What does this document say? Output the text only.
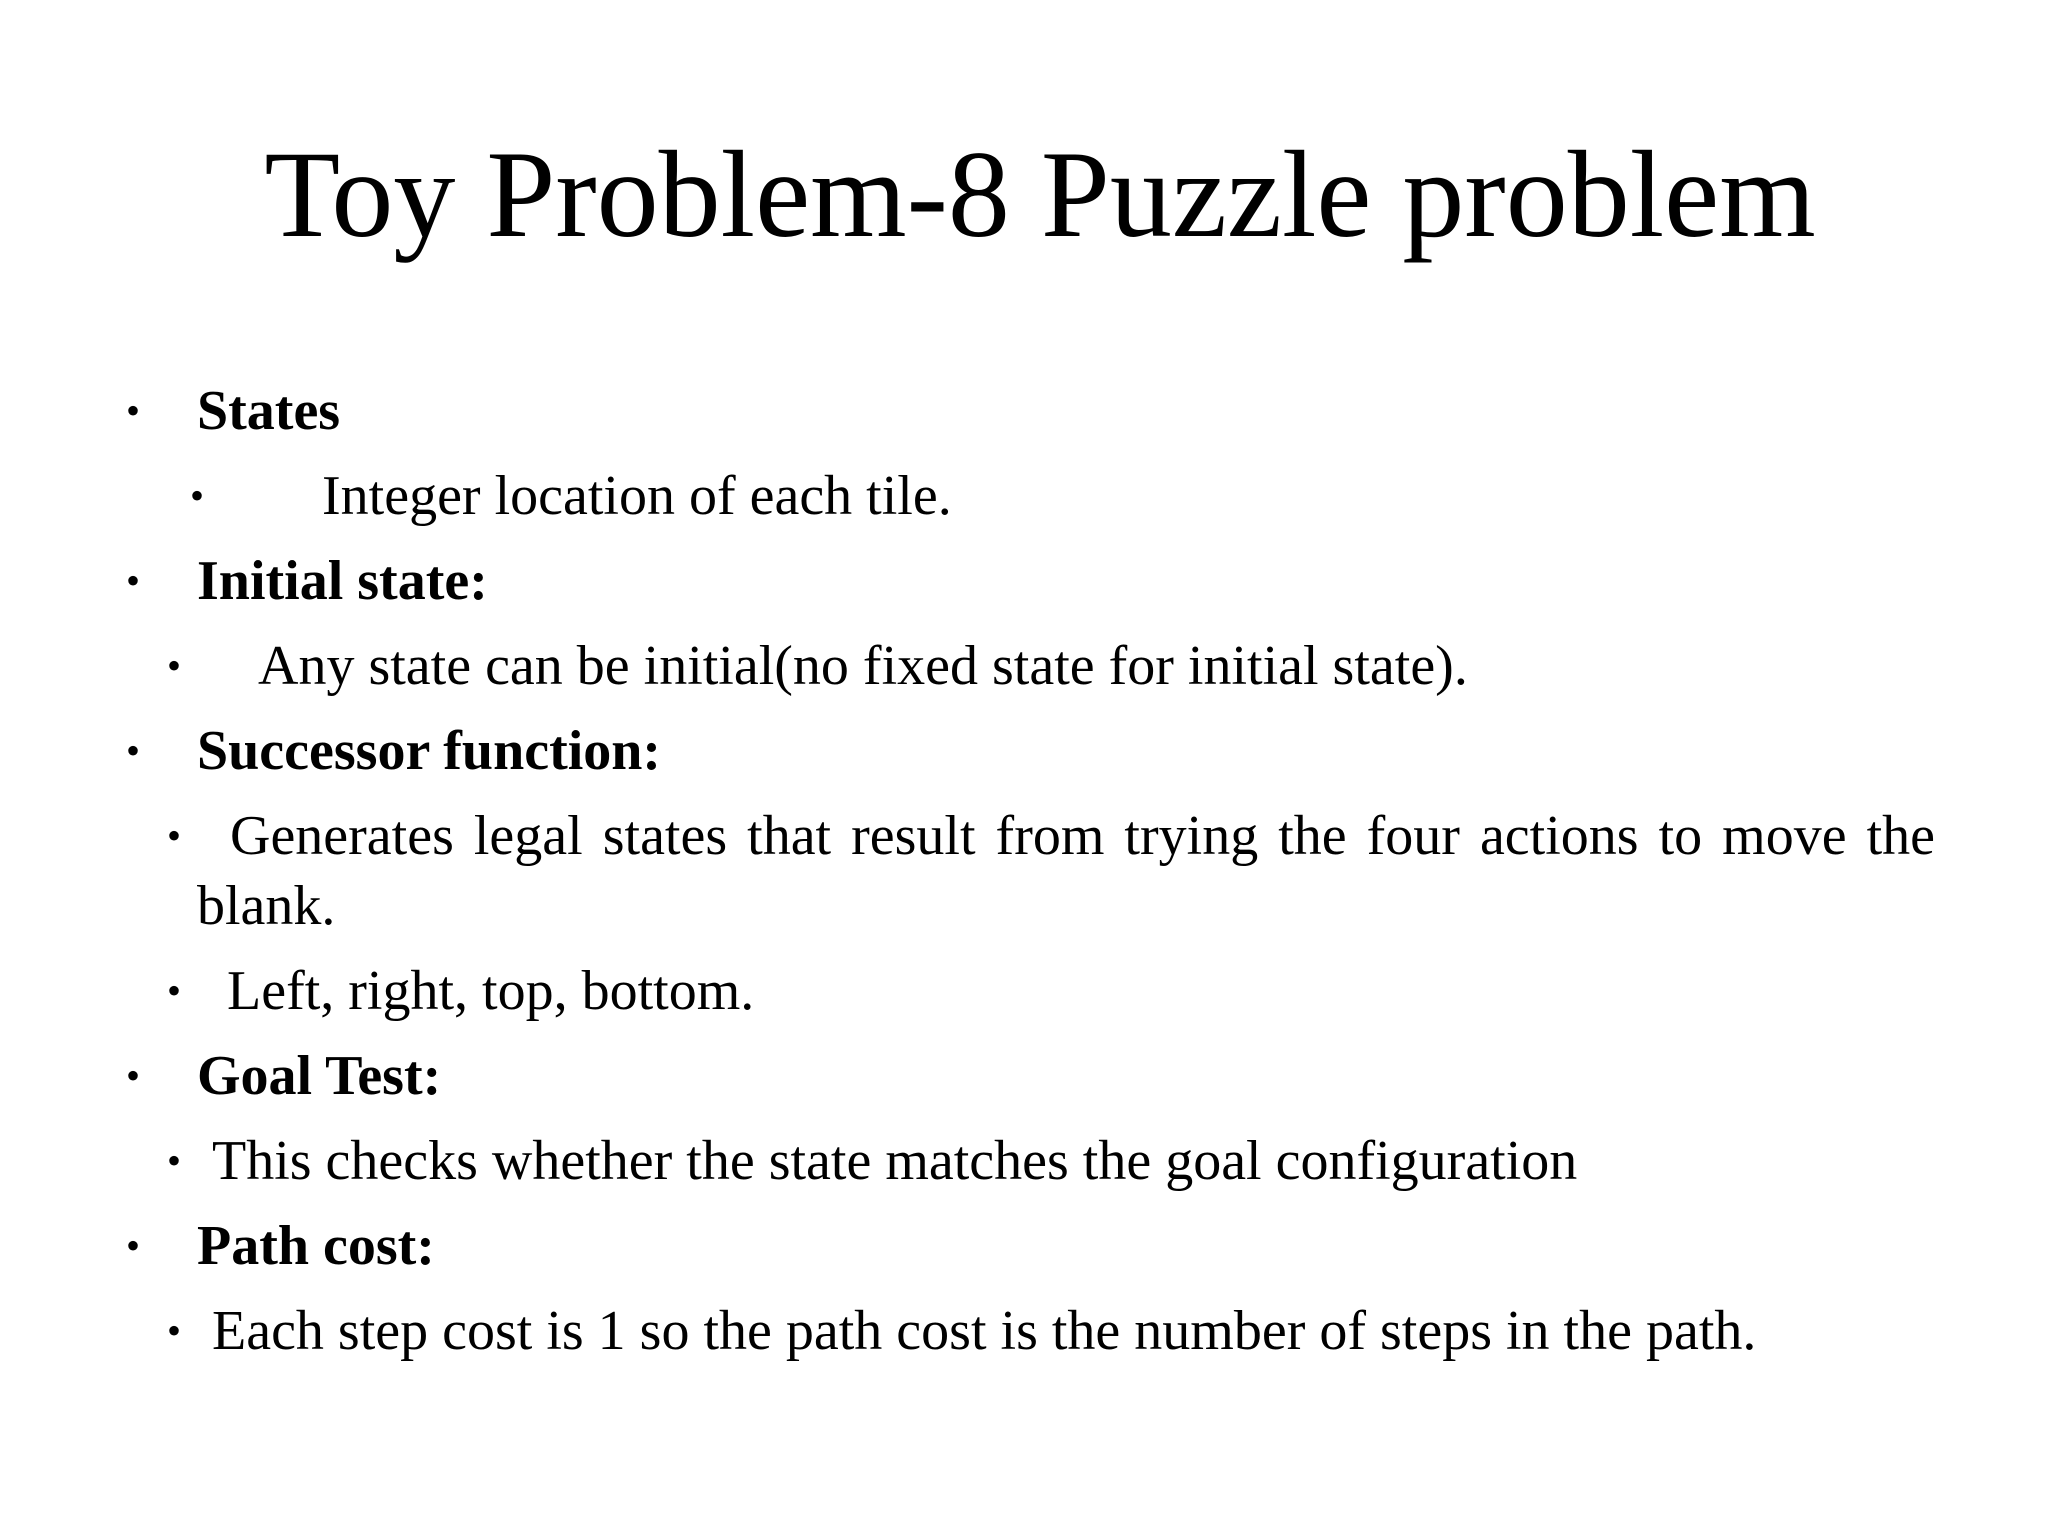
Toy Problem-8 Puzzle problem
• States
• Integer location of each tile.
• Initial state:
• Any state can be initial(no fixed state for initial state).
• Successor function:
• Generates legal states that result from trying the four actions to move the blank.
• Left, right, top, bottom.
• Goal Test:
• This checks whether the state matches the goal configuration
• Path cost:
• Each step cost is 1 so the path cost is the number of steps in the path.
